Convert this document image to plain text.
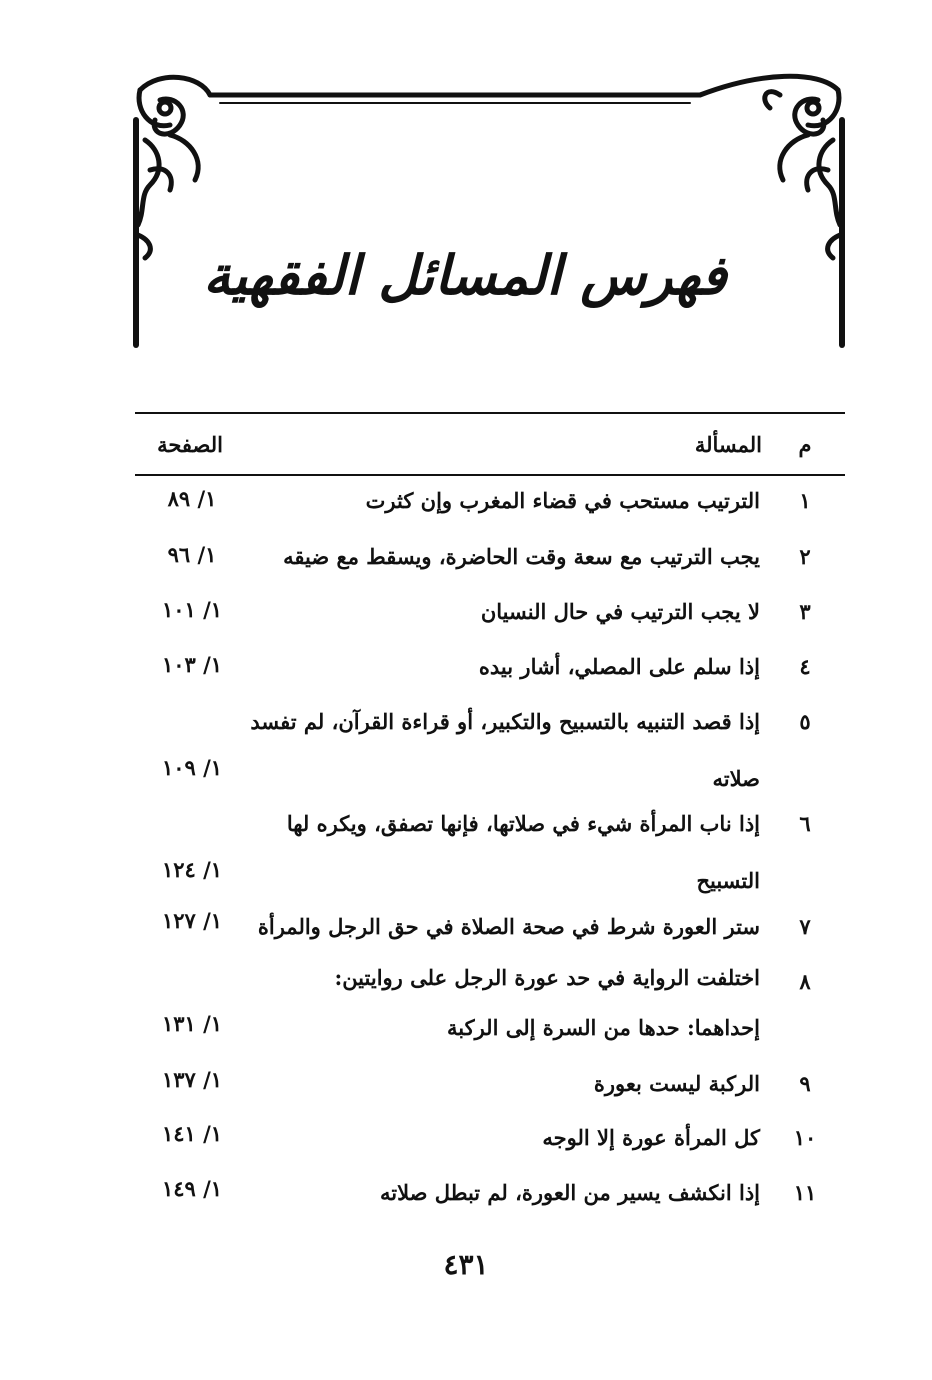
فهرس المسائل الفقهية
م
المسألة
الصفحة
١
الترتيب مستحب في قضاء المغرب وإن كثرت
١/ ٨٩
٢
يجب الترتيب مع سعة وقت الحاضرة، ويسقط مع ضيقه
١/ ٩٦
٣
لا يجب الترتيب في حال النسيان
١/ ١٠١
٤
إذا سلم على المصلي، أشار بيده
١/ ١٠٣
٥
إذا قصد التنبيه بالتسبيح والتكبير، أو قراءة القرآن، لم تفسد
صلاته
١/ ١٠٩
٦
إذا ناب المرأة شيء في صلاتها، فإنها تصفق، ويكره لها
التسبيح
١/ ١٢٤
٧
ستر العورة شرط في صحة الصلاة في حق الرجل والمرأة
١/ ١٢٧
٨
اختلفت الرواية في حد عورة الرجل على روايتين:
إحداهما: حدها من السرة إلى الركبة
١/ ١٣١
٩
الركبة ليست بعورة
١/ ١٣٧
١٠
كل المرأة عورة إلا الوجه
١/ ١٤١
١١
إذا انكشف يسير من العورة، لم تبطل صلاته
١/ ١٤٩
٤٣١
